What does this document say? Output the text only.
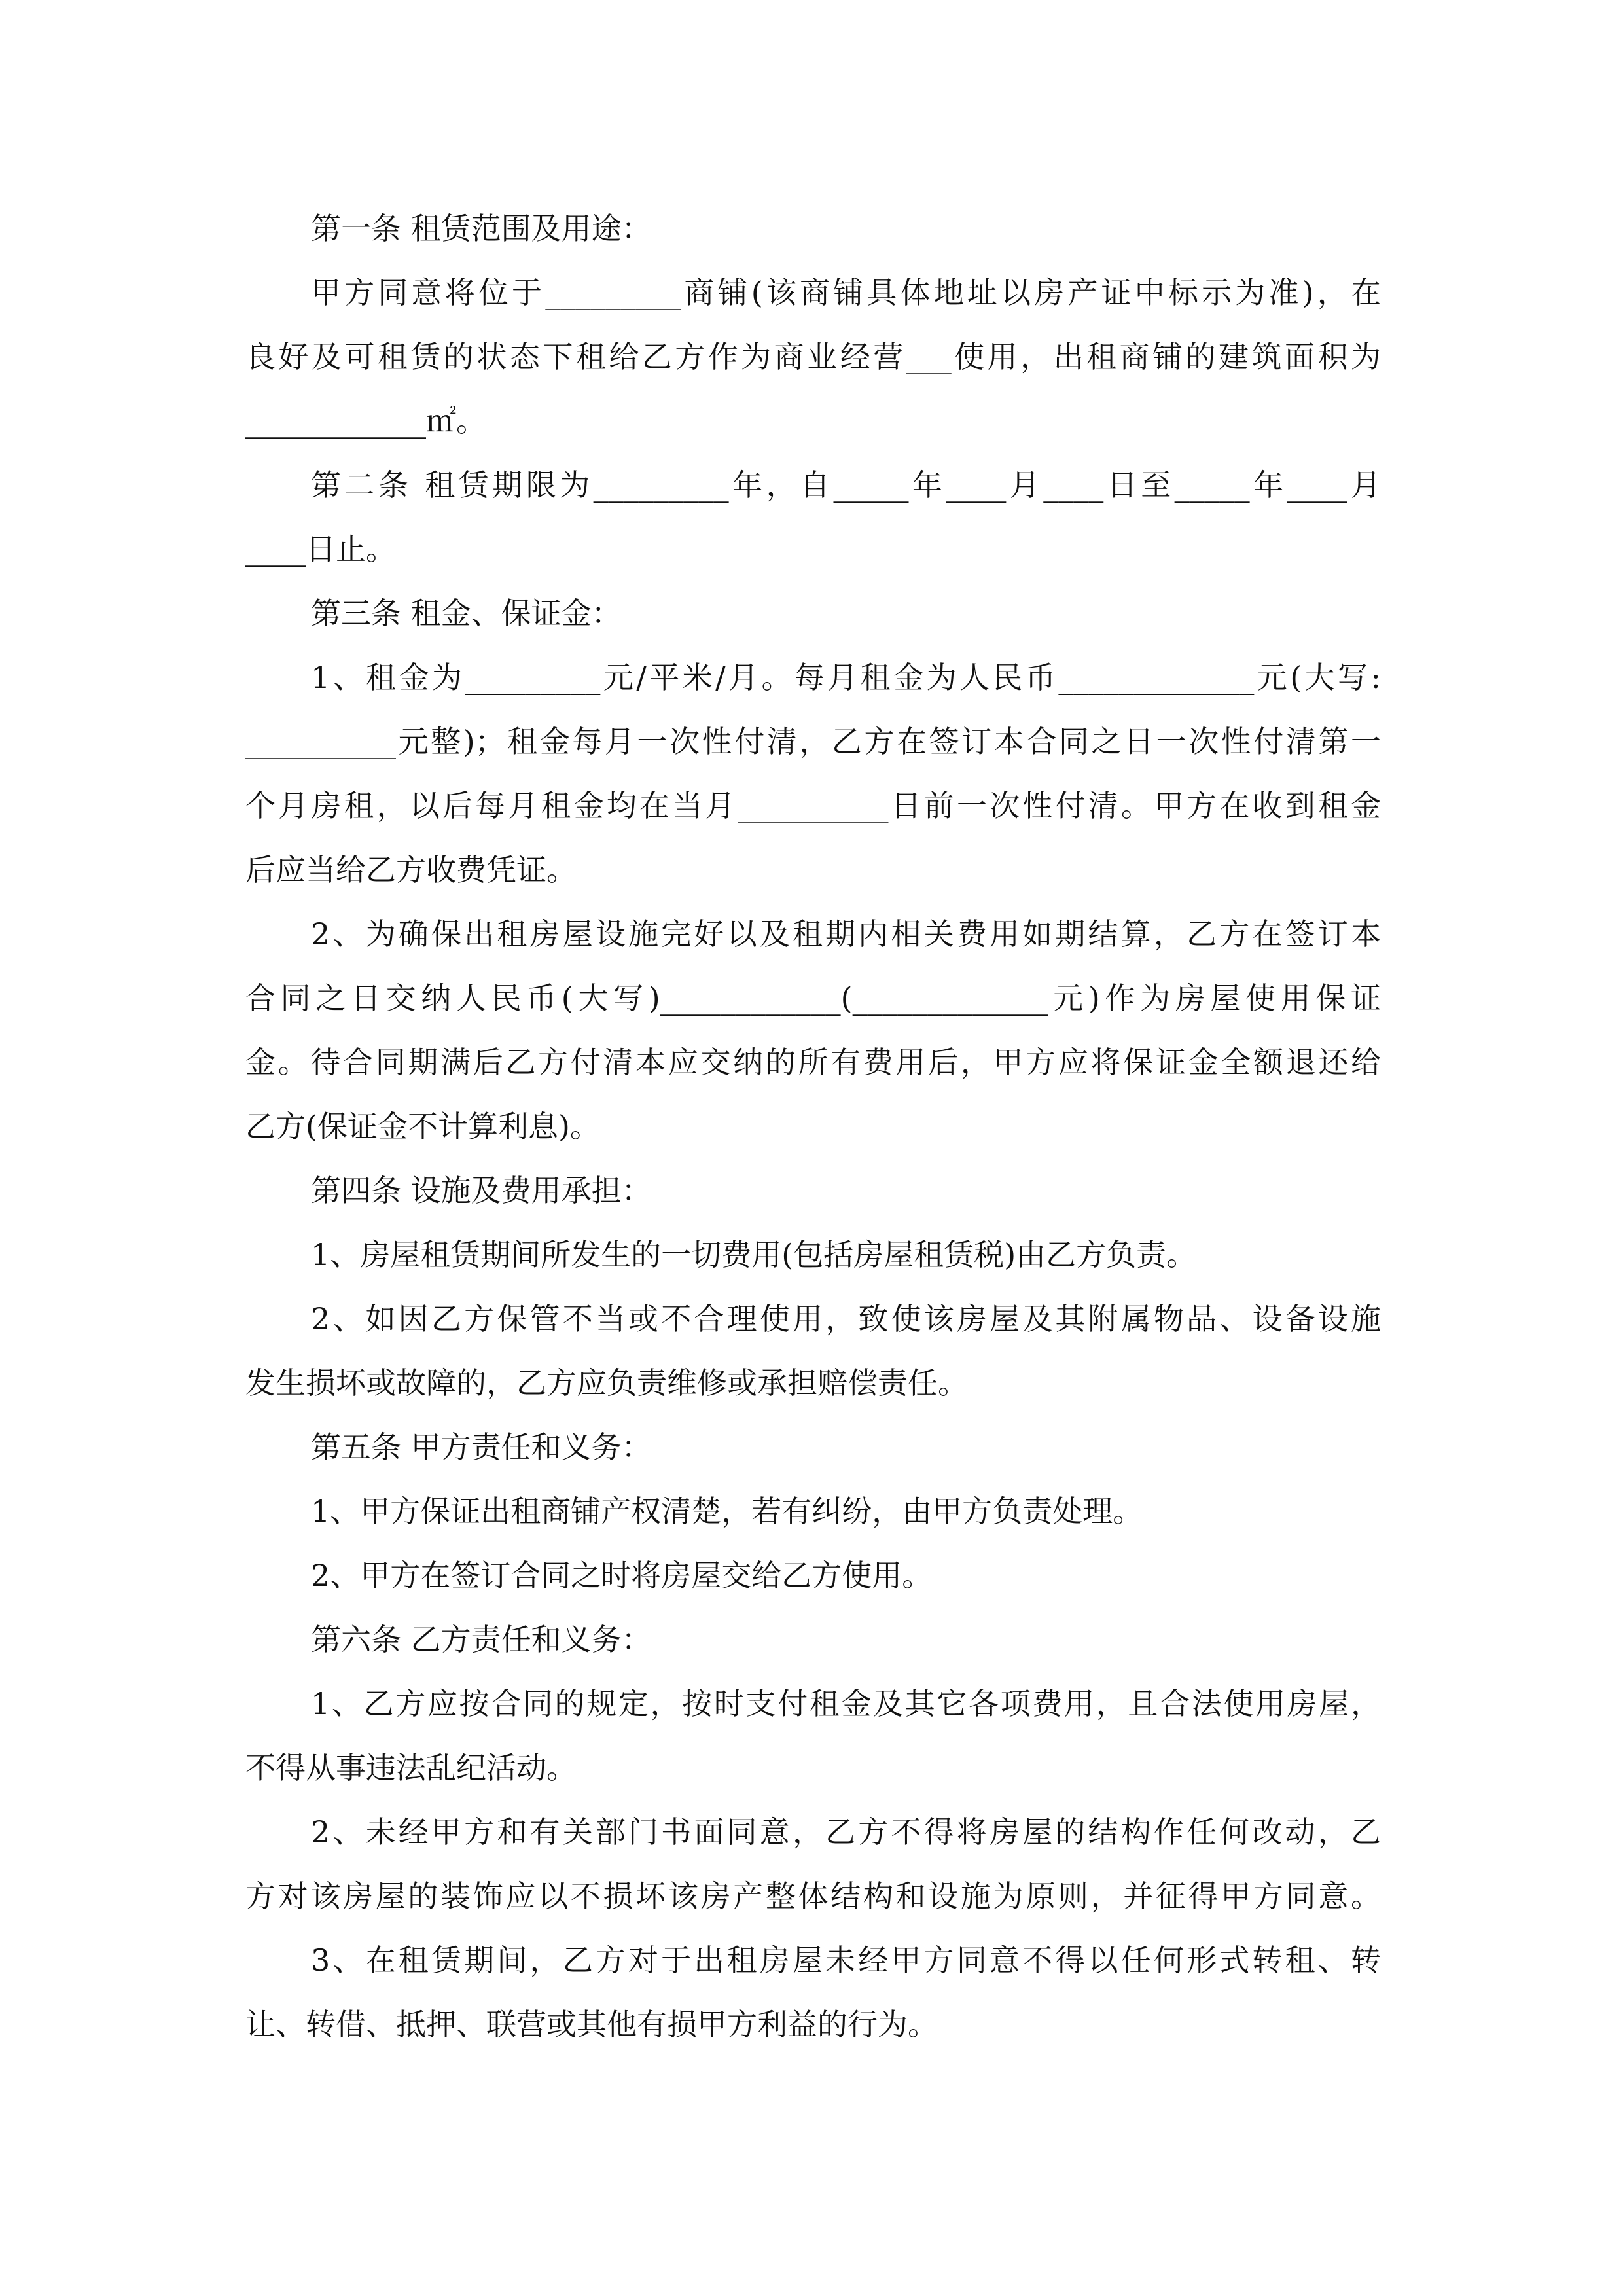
第一条 租赁范围及用途：
甲方同意将位于_________商铺(该商铺具体地址以房产证中标示为准)，在
良好及可租赁的状态下租给乙方作为商业经营___使用，出租商铺的建筑面积为
____________㎡。
第二条 租赁期限为_________年，自_____年____月____日至_____年____月
____日止。
第三条 租金、保证金：
1、租金为_________元/平米/月。每月租金为人民币_____________元(大写:
__________元整)；租金每月一次性付清，乙方在签订本合同之日一次性付清第一
个月房租，以后每月租金均在当月__________日前一次性付清。甲方在收到租金
后应当给乙方收费凭证。
2、为确保出租房屋设施完好以及租期内相关费用如期结算，乙方在签订本
合同之日交纳人民币(大写)____________(_____________元)作为房屋使用保证
金。待合同期满后乙方付清本应交纳的所有费用后，甲方应将保证金全额退还给
乙方(保证金不计算利息)。
第四条 设施及费用承担：
1、房屋租赁期间所发生的一切费用(包括房屋租赁税)由乙方负责。
2、如因乙方保管不当或不合理使用，致使该房屋及其附属物品、设备设施
发生损坏或故障的，乙方应负责维修或承担赔偿责任。
第五条 甲方责任和义务：
1、甲方保证出租商铺产权清楚，若有纠纷，由甲方负责处理。
2、甲方在签订合同之时将房屋交给乙方使用。
第六条 乙方责任和义务：
1、乙方应按合同的规定，按时支付租金及其它各项费用，且合法使用房屋，
不得从事违法乱纪活动。
2、未经甲方和有关部门书面同意，乙方不得将房屋的结构作任何改动，乙
方对该房屋的装饰应以不损坏该房产整体结构和设施为原则，并征得甲方同意。
3、在租赁期间，乙方对于出租房屋未经甲方同意不得以任何形式转租、转
让、转借、抵押、联营或其他有损甲方利益的行为。
